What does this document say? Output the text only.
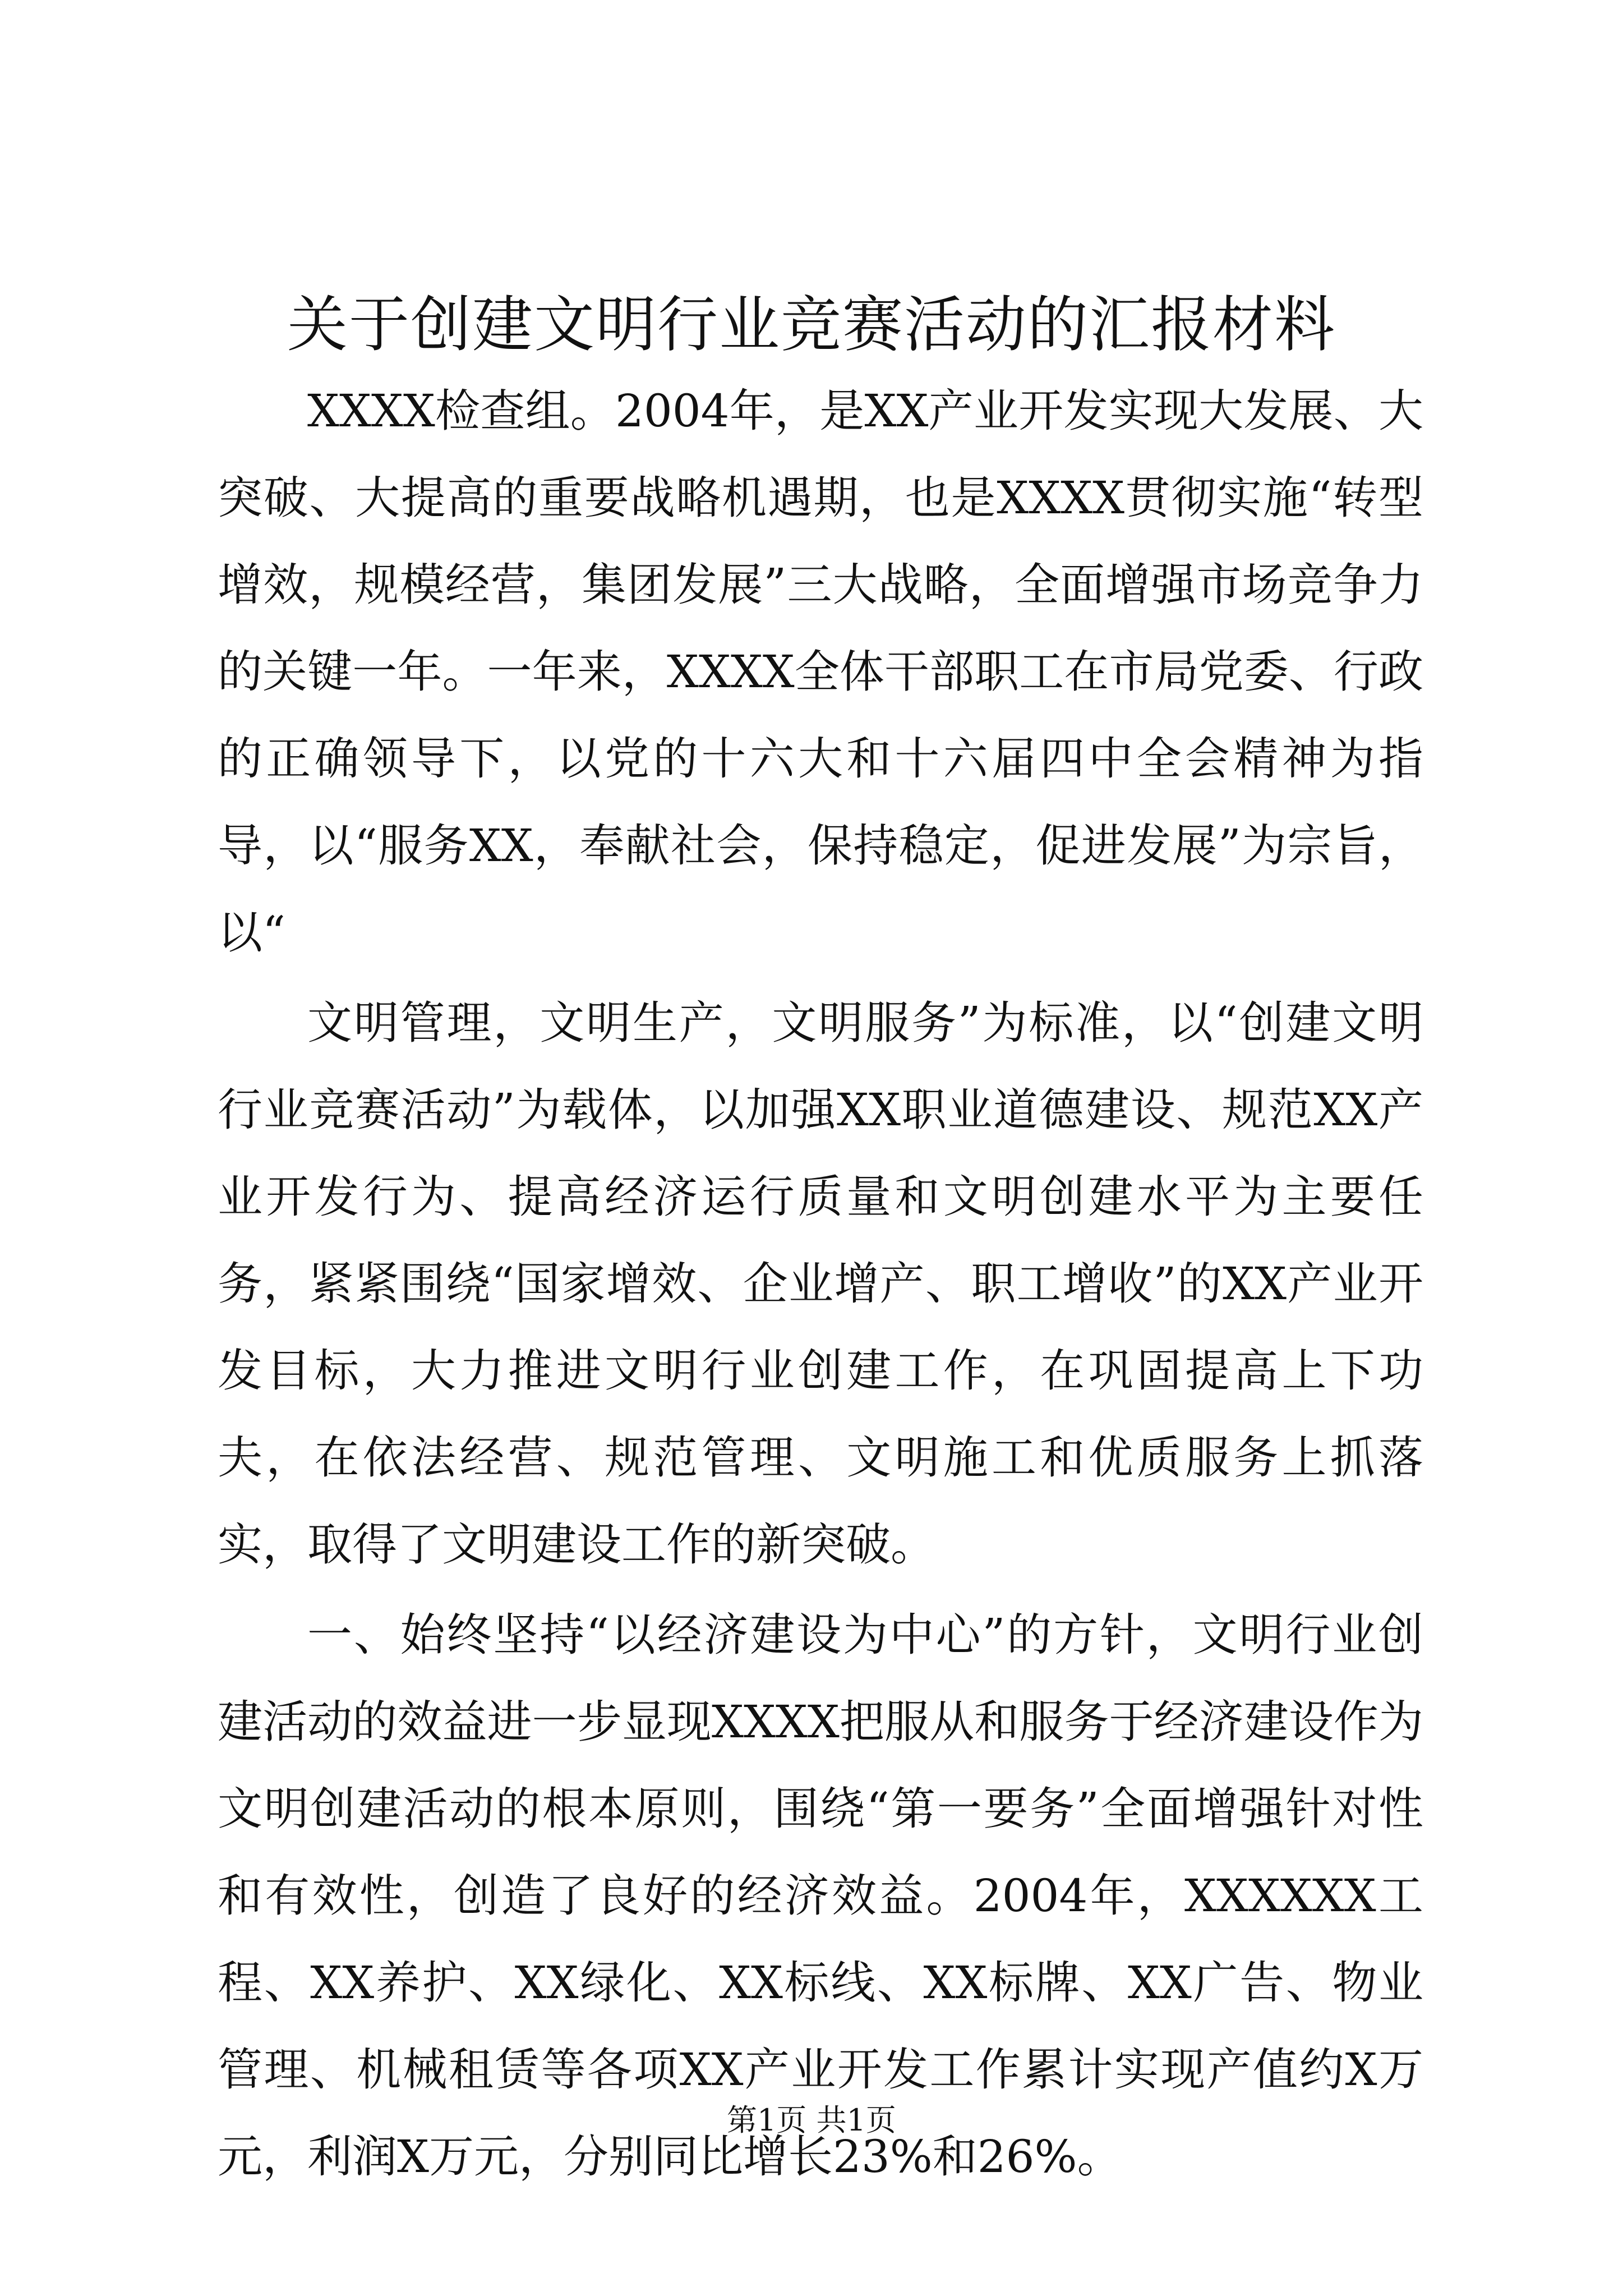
关于创建文明行业竞赛活动的汇报材料

XXXX检查组。2004年，是XX产业开发实现大发展、大突破、大提高的重要战略机遇期，也是XXXX贯彻实施“转型增效，规模经营，集团发展”三大战略，全面增强市场竞争力的关键一年。一年来，XXXX全体干部职工在市局党委、行政的正确领导下，以党的十六大和十六届四中全会精神为指导，以“服务XX，奉献社会，保持稳定，促进发展”为宗旨，以“

文明管理，文明生产，文明服务”为标准，以“创建文明行业竞赛活动”为载体，以加强XX职业道德建设、规范XX产业开发行为、提高经济运行质量和文明创建水平为主要任务，紧紧围绕“国家增效、企业增产、职工增收”的XX产业开发目标，大力推进文明行业创建工作，在巩固提高上下功夫，在依法经营、规范管理、文明施工和优质服务上抓落实，取得了文明建设工作的新突破。

一、始终坚持“以经济建设为中心”的方针，文明行业创建活动的效益进一步显现XXXX把服从和服务于经济建设作为文明创建活动的根本原则，围绕“第一要务”全面增强针对性和有效性，创造了良好的经济效益。2004年，XXXXXX工程、XX养护、XX绿化、XX标线、XX标牌、XX广告、物业管理、机械租赁等各项XX产业开发工作累计实现产值约X万元，利润X万元，分别同比增长23%和26%。

第1页 共1页
